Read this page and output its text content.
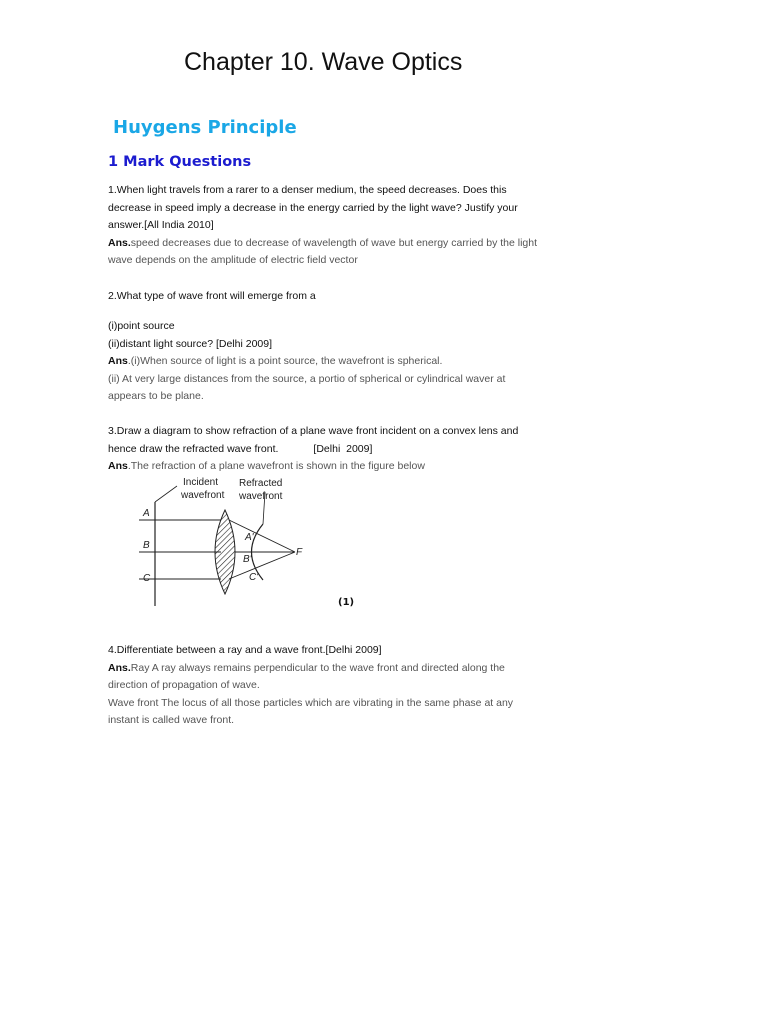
Chapter 10. Wave Optics
Huygens Principle
1 Mark Questions
1.When light travels from a rarer to a denser medium, the speed decreases. Does this
decrease in speed imply a decrease in the energy carried by the light wave? Justify your
answer.[All India 2010]
Ans.speed decreases due to decrease of wavelength of wave but energy carried by the light
wave depends on the amplitude of electric field vector
2.What type of wave front will emerge from a
(i)point source
(ii)distant light source? [Delhi 2009]
Ans.(i)When source of light is a point source, the wavefront is spherical.
(ii) At very large distances from the source, a portio of spherical or cylindrical waver at
appears to be plane.
3.Draw a diagram to show refraction of a plane wave front incident on a convex lens and
hence draw the refracted wave front.            [Delhi  2009]
Ans.The refraction of a plane wavefront is shown in the figure below
Incident
wavefront
Refracted
wavefront
A
B
C
A'
B'
C'
F
(1)
4.Differentiate between a ray and a wave front.[Delhi 2009]
Ans.Ray A ray always remains perpendicular to the wave front and directed along the
direction of propagation of wave.
Wave front The locus of all those particles which are vibrating in the same phase at any
instant is called wave front.
